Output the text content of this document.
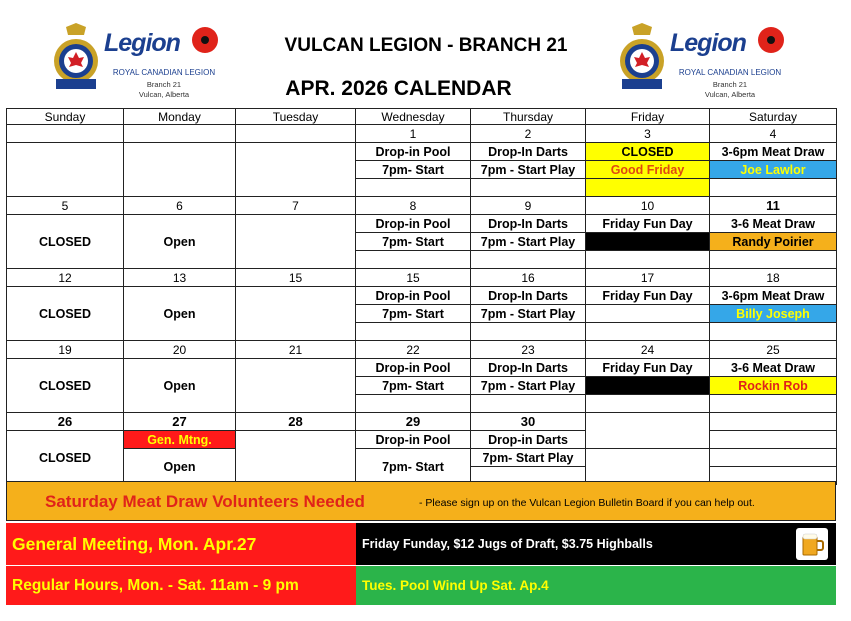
Legion
ROYAL CANADIAN LEGION
Branch 21
Vulcan, Alberta
VULCAN LEGION - BRANCH 21
APR. 2026 CALENDAR
Legion
ROYAL CANADIAN LEGION
Branch 21
Vulcan, Alberta
Sunday	Monday	Tuesday	Wednesday	Thursday	Friday	Saturday
			1	2	3	4
			Drop-in Pool	Drop-In Darts	CLOSED	3-6pm Meat Draw
			7pm- Start	7pm - Start Play	Good Friday	Joe Lawlor

5	6	7	8	9	10	11
CLOSED	Open		Drop-in Pool	Drop-In Darts	Friday Fun Day	3-6 Meat Draw
			7pm- Start	7pm - Start Play		Randy Poirier

12	13	15	15	16	17	18
CLOSED	Open		Drop-in Pool	Drop-In Darts	Friday Fun Day	3-6pm Meat Draw
			7pm- Start	7pm - Start Play		Billy Joseph

19	20	21	22	23	24	25
CLOSED	Open		Drop-in Pool	Drop-In Darts	Friday Fun Day	3-6 Meat Draw
			7pm- Start	7pm - Start Play		Rockin Rob

26	27	28	29	30		
CLOSED	Gen. Mtng.		Drop-in Pool	Drop-in Darts		
	Open		7pm- Start	7pm- Start Play		

Saturday Meat Draw Volunteers Needed	- Please sign up on the Vulcan Legion Bulletin Board if you can help out.
General Meeting, Mon. Apr.27	Friday Funday, $12 Jugs of Draft, $3.75 Highballs
Regular Hours, Mon. - Sat. 11am - 9 pm	Tues. Pool Wind Up Sat. Ap.4
